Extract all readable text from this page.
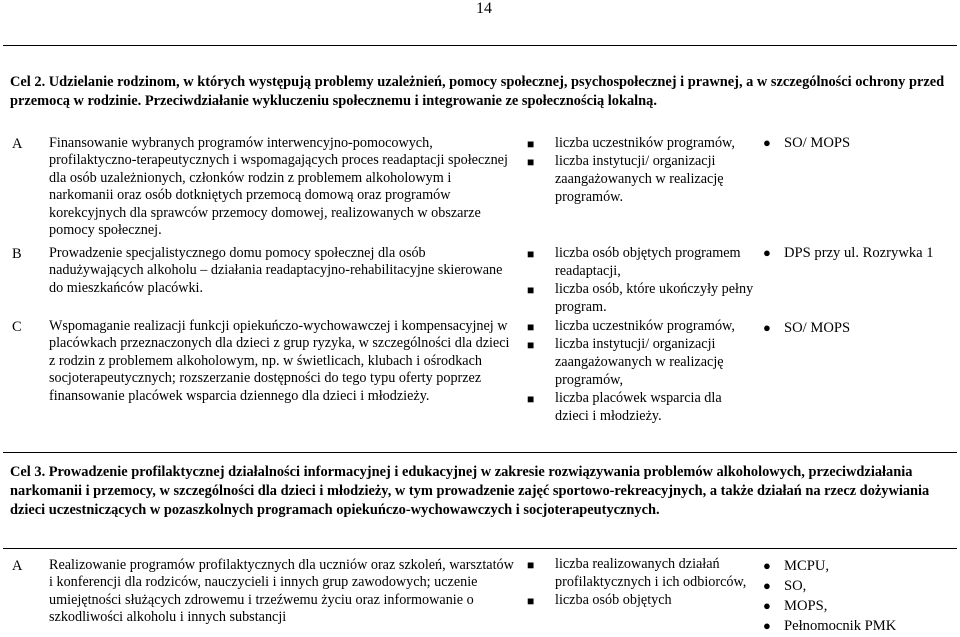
14
Cel 2. Udzielanie rodzinom, w których występują problemy uzależnień, pomocy społecznej, psychospołecznej i prawnej, a w szczególności ochrony przed przemocą w rodzinie. Przeciwdziałanie wykluczeniu społecznemu i integrowanie ze społecznością lokalną.
A Finansowanie wybranych programów interwencyjno-pomocowych, profilaktyczno-terapeutycznych i wspomagających proces readaptacji społecznej dla osób uzależnionych, członków rodzin z problemem alkoholowym i narkomanii oraz osób dotkniętych przemocą domową oraz programów korekcyjnych dla sprawców przemocy domowej, realizowanych w obszarze pomocy społecznej.
■ liczba uczestników programów,
■ liczba instytucji/ organizacji zaangażowanych w realizację programów.
● SO/ MOPS
B Prowadzenie specjalistycznego domu pomocy społecznej dla osób nadużywających alkoholu – działania readaptacyjno-rehabilitacyjne skierowane do mieszkańców placówki.
■ liczba osób objętych programem readaptacji,
■ liczba osób, które ukończyły pełny program.
● DPS przy ul. Rozrywka 1
C Wspomaganie realizacji funkcji opiekuńczo-wychowawczej i kompensacyjnej w placówkach przeznaczonych dla dzieci z grup ryzyka, w szczególności dla dzieci z rodzin z problemem alkoholowym, np. w świetlicach, klubach i ośrodkach socjoterapeutycznych; rozszerzanie dostępności do tego typu oferty poprzez finansowanie placówek wsparcia dziennego dla dzieci i młodzieży.
■ liczba uczestników programów,
■ liczba instytucji/ organizacji zaangażowanych w realizację programów,
■ liczba placówek wsparcia dla dzieci i młodzieży.
● SO/ MOPS
Cel 3. Prowadzenie profilaktycznej działalności informacyjnej i edukacyjnej w zakresie rozwiązywania problemów alkoholowych, przeciwdziałania narkomanii i przemocy, w szczególności dla dzieci i młodzieży, w tym prowadzenie zajęć sportowo-rekreacyjnych, a także działań na rzecz dożywiania dzieci uczestniczących w pozaszkolnych programach opiekuńczo-wychowawczych i socjoterapeutycznych.
A Realizowanie programów profilaktycznych dla uczniów oraz szkoleń, warsztatów i konferencji dla rodziców, nauczycieli i innych grup zawodowych; uczenie umiejętności służących zdrowemu i trzeźwemu życiu oraz informowanie o szkodliwości alkoholu i innych substancji
■ liczba realizowanych działań profilaktycznych i ich odbiorców,
■ liczba osób objętych
● MCPU,
● SO,
● MOPS,
● Pełnomocnik PMK
